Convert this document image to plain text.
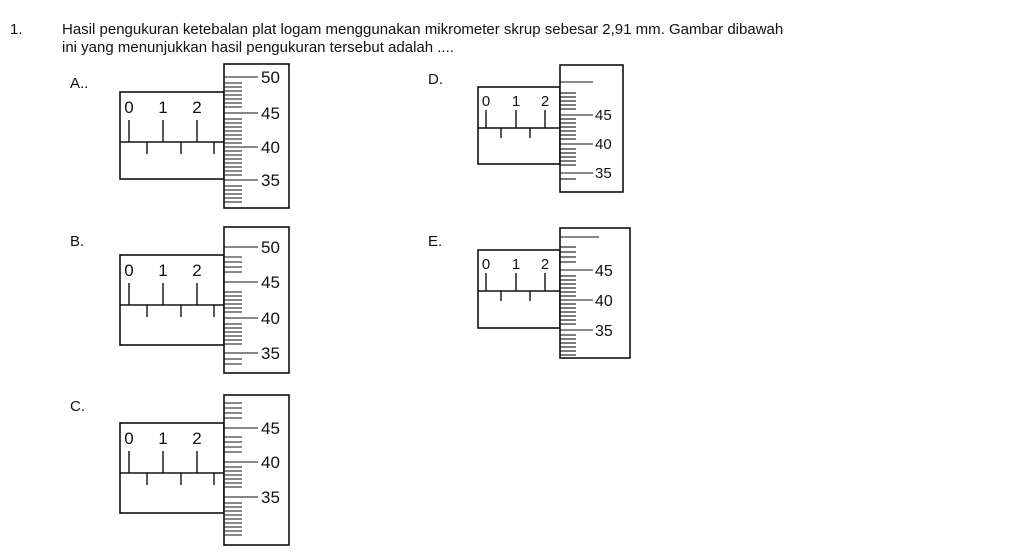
1.	Hasil pengukuran ketebalan plat logam menggunakan mikrometer skrup sebesar 2,91 mm. Gambar dibawah
ini yang menunjukkan hasil pengukuran tersebut adalah ....
A..
B.
C.
D.
E.
0 1 2
50
45
40
35
0 1 2
50
45
40
35
0 1 2
45
40
35
0 1 2
45
40
35
0 1 2	45
40
35
